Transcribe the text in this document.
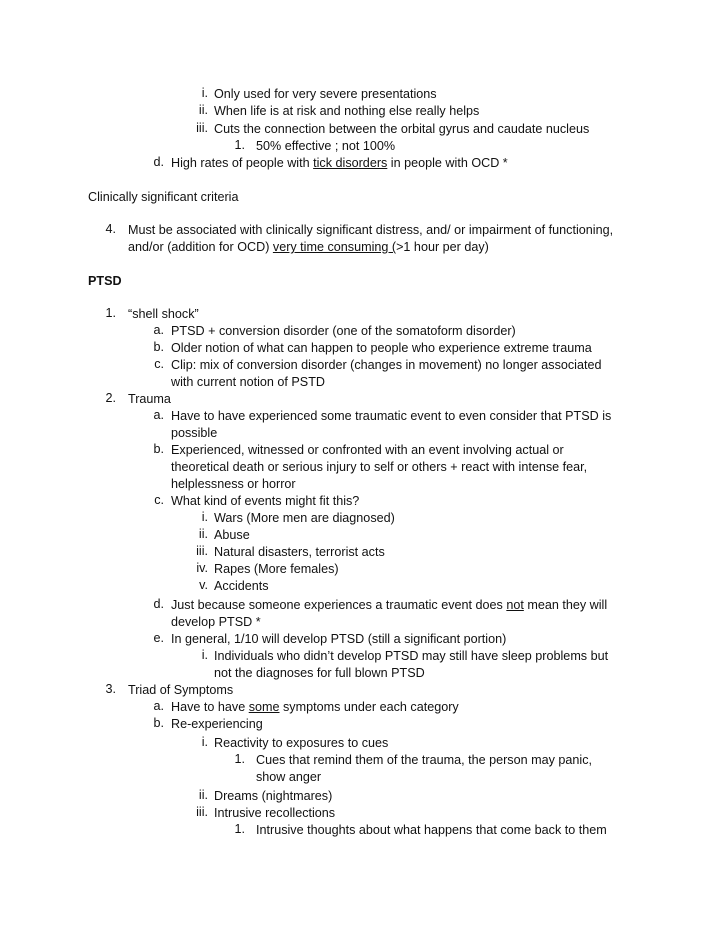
i. Only used for very severe presentations
ii. When life is at risk and nothing else really helps
iii. Cuts the connection between the orbital gyrus and caudate nucleus
1. 50% effective ; not 100%
d. High rates of people with tick disorders in people with OCD *
Clinically significant criteria
4. Must be associated with clinically significant distress, and/ or impairment of functioning,
and/or (addition for OCD) very time consuming (>1 hour per day)
PTSD
1. “shell shock”
a. PTSD + conversion disorder (one of the somatoform disorder)
b. Older notion of what can happen to people who experience extreme trauma
c. Clip: mix of conversion disorder (changes in movement) no longer associated
with current notion of PSTD
2. Trauma
a. Have to have experienced some traumatic event to even consider that PTSD is
possible
b. Experienced, witnessed or confronted with an event involving actual or
theoretical death or serious injury to self or others + react with intense fear,
helplessness or horror
c. What kind of events might fit this?
i. Wars (More men are diagnosed)
ii. Abuse
iii. Natural disasters, terrorist acts
iv. Rapes (More females)
v. Accidents
d. Just because someone experiences a traumatic event does not mean they will
develop PTSD *
e. In general, 1/10 will develop PTSD (still a significant portion)
i. Individuals who didn’t develop PTSD may still have sleep problems but
not the diagnoses for full blown PTSD
3. Triad of Symptoms
a. Have to have some symptoms under each category
b. Re-experiencing
i. Reactivity to exposures to cues
1. Cues that remind them of the trauma, the person may panic,
show anger
ii. Dreams (nightmares)
iii. Intrusive recollections
1. Intrusive thoughts about what happens that come back to them
